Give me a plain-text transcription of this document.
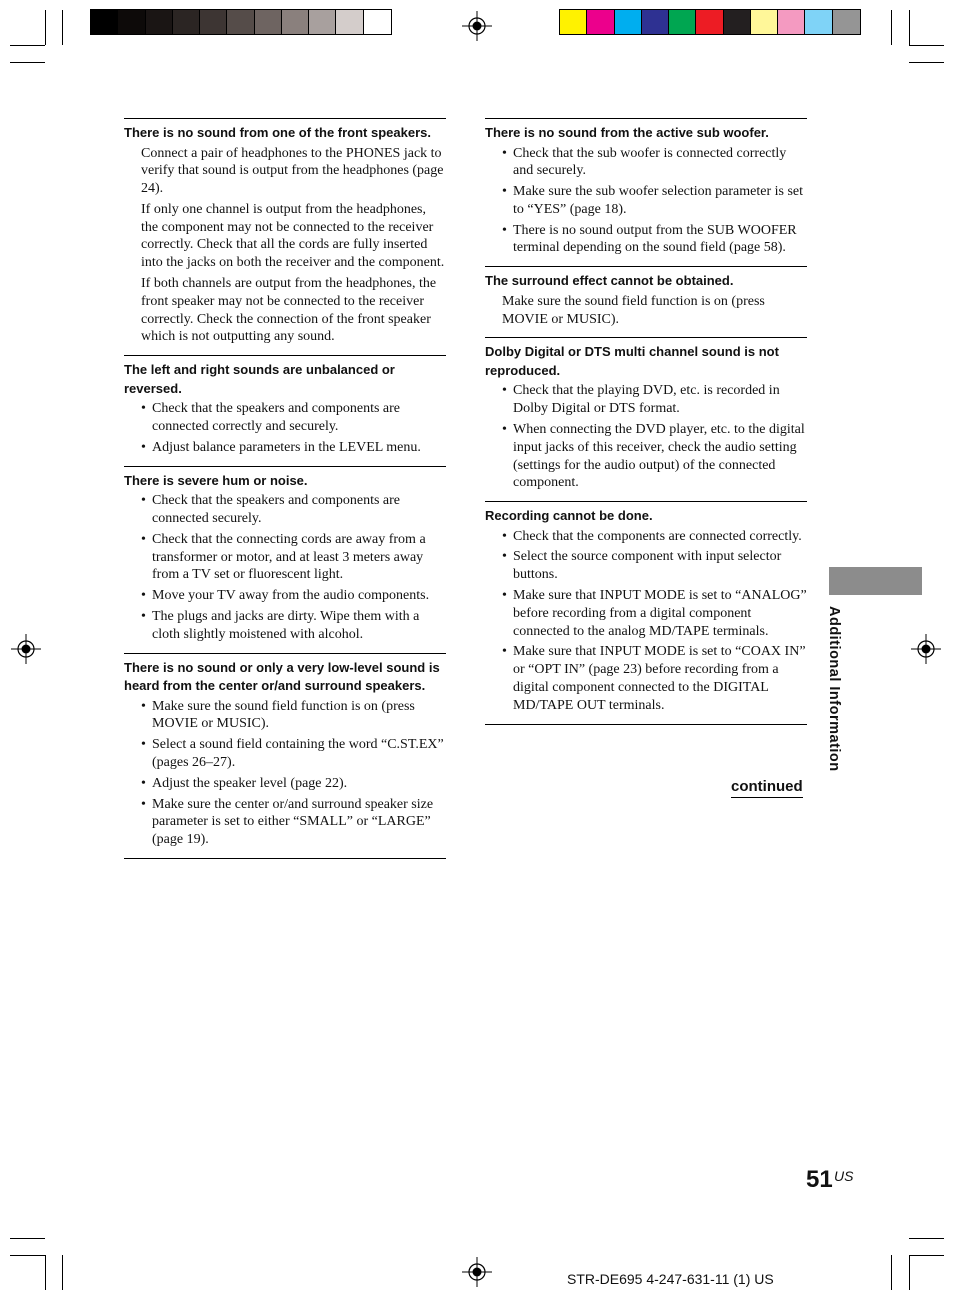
There is no sound from one of the front speakers.
Connect a pair of headphones to the PHONES jack to verify that sound is output from the headphones (page 24).
If only one channel is output from the headphones, the component may not be connected to the receiver correctly. Check that all the cords are fully inserted into the jacks on both the receiver and the component.
If both channels are output from the headphones, the front speaker may not be connected to the receiver correctly. Check the connection of the front speaker which is not outputting any sound.
The left and right sounds are unbalanced or reversed.
• Check that the speakers and components are connected correctly and securely.
• Adjust balance parameters in the LEVEL menu.
There is severe hum or noise.
• Check that the speakers and components are connected securely.
• Check that the connecting cords are away from a transformer or motor, and at least 3 meters away from a TV set or fluorescent light.
• Move your TV away from the audio components.
• The plugs and jacks are dirty. Wipe them with a cloth slightly moistened with alcohol.
There is no sound or only a very low-level sound is heard from the center or/and surround speakers.
• Make sure the sound field function is on (press MOVIE or MUSIC).
• Select a sound field containing the word “C.ST.EX” (pages 26–27).
• Adjust the speaker level (page 22).
• Make sure the center or/and surround speaker size parameter is set to either “SMALL” or “LARGE” (page 19).
There is no sound from the active sub woofer.
• Check that the sub woofer is connected correctly and securely.
• Make sure the sub woofer selection parameter is set to “YES” (page 18).
• There is no sound output from the SUB WOOFER terminal depending on the sound field (page 58).
The surround effect cannot be obtained.
Make sure the sound field function is on (press MOVIE or MUSIC).
Dolby Digital or DTS multi channel sound is not reproduced.
• Check that the playing DVD, etc. is recorded in Dolby Digital or DTS format.
• When connecting the DVD player, etc. to the digital input jacks of this receiver, check the audio setting (settings for the audio output) of the connected component.
Recording cannot be done.
• Check that the components are connected correctly.
• Select the source component with input selector buttons.
• Make sure that INPUT MODE is set to “ANALOG” before recording from a digital component connected to the analog MD/TAPE terminals.
• Make sure that INPUT MODE is set to “COAX IN” or “OPT IN” (page 23) before recording from a digital component connected to the DIGITAL MD/TAPE OUT terminals.
continued
Additional Information
51 US
STR-DE695 4-247-631-11 (1) US
